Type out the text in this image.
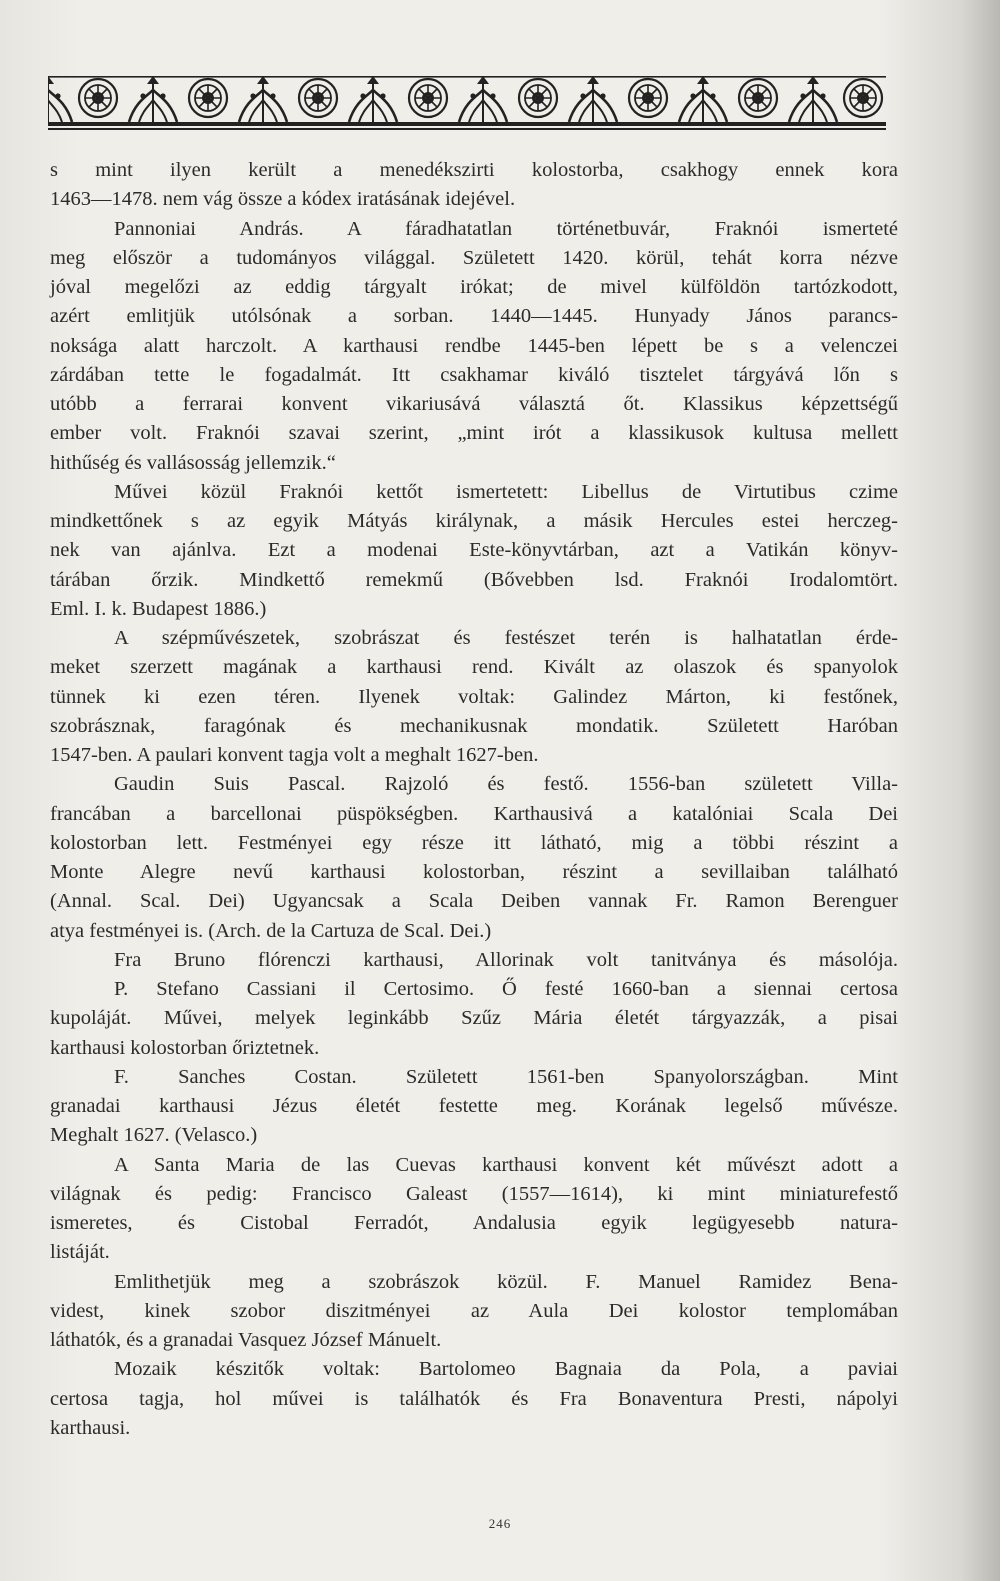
s mint ilyen került a menedékszirti kolostorba, csakhogy ennek kora
1463—1478. nem vág össze a kódex iratásának idejével.
Pannoniai András. A fáradhatatlan történetbuvár, Fraknói ismerteté
meg először a tudományos világgal. Született 1420. körül, tehát korra nézve
jóval megelőzi az eddig tárgyalt irókat; de mivel külföldön tartózkodott,
azért emlitjük utólsónak a sorban. 1440—1445. Hunyady János parancs-
noksága alatt harczolt. A karthausi rendbe 1445-ben lépett be s a velenczei
zárdában tette le fogadalmát. Itt csakhamar kiváló tisztelet tárgyává lőn s
utóbb a ferrarai konvent vikariusává választá őt. Klassikus képzettségű
ember volt. Fraknói szavai szerint, „mint irót a klassikusok kultusa mellett
hithűség és vallásosság jellemzik.“
Művei közül Fraknói kettőt ismertetett: Libellus de Virtutibus czime
mindkettőnek s az egyik Mátyás királynak, a másik Hercules estei herczeg-
nek van ajánlva. Ezt a modenai Este-könyvtárban, azt a Vatikán könyv-
tárában őrzik. Mindkettő remekmű (Bővebben lsd. Fraknói Irodalomtört.
Eml. I. k. Budapest 1886.)
A szépművészetek, szobrászat és festészet terén is halhatatlan érde-
meket szerzett magának a karthausi rend. Kivált az olaszok és spanyolok
tünnek ki ezen téren. Ilyenek voltak: Galindez Márton, ki festőnek,
szobrásznak, faragónak és mechanikusnak mondatik. Született Haróban
1547-ben. A paulari konvent tagja volt a meghalt 1627-ben.
Gaudin Suis Pascal. Rajzoló és festő. 1556-ban született Villa-
francában a barcellonai püspökségben. Karthausivá a katalóniai Scala Dei
kolostorban lett. Festményei egy része itt látható, mig a többi részint a
Monte Alegre nevű karthausi kolostorban, részint a sevillaiban található
(Annal. Scal. Dei) Ugyancsak a Scala Deiben vannak Fr. Ramon Berenguer
atya festményei is. (Arch. de la Cartuza de Scal. Dei.)
Fra Bruno flórenczi karthausi, Allorinak volt tanitványa és másolója.
P. Stefano Cassiani il Certosimo. Ő festé 1660-ban a siennai certosa
kupoláját. Művei, melyek leginkább Szűz Mária életét tárgyazzák, a pisai
karthausi kolostorban őriztetnek.
F. Sanches Costan. Született 1561-ben Spanyolországban. Mint
granadai karthausi Jézus életét festette meg. Korának legelső művésze.
Meghalt 1627. (Velasco.)
A Santa Maria de las Cuevas karthausi konvent két művészt adott a
világnak és pedig: Francisco Galeast (1557—1614), ki mint miniaturefestő
ismeretes, és Cistobal Ferradót, Andalusia egyik legügyesebb natura-
listáját.
Emlithetjük meg a szobrászok közül. F. Manuel Ramidez Bena-
videst, kinek szobor diszitményei az Aula Dei kolostor templomában
láthatók, és a granadai Vasquez József Mánuelt.
Mozaik készitők voltak: Bartolomeo Bagnaia da Pola, a paviai
certosa tagja, hol művei is találhatók és Fra Bonaventura Presti, nápolyi
karthausi.
246
